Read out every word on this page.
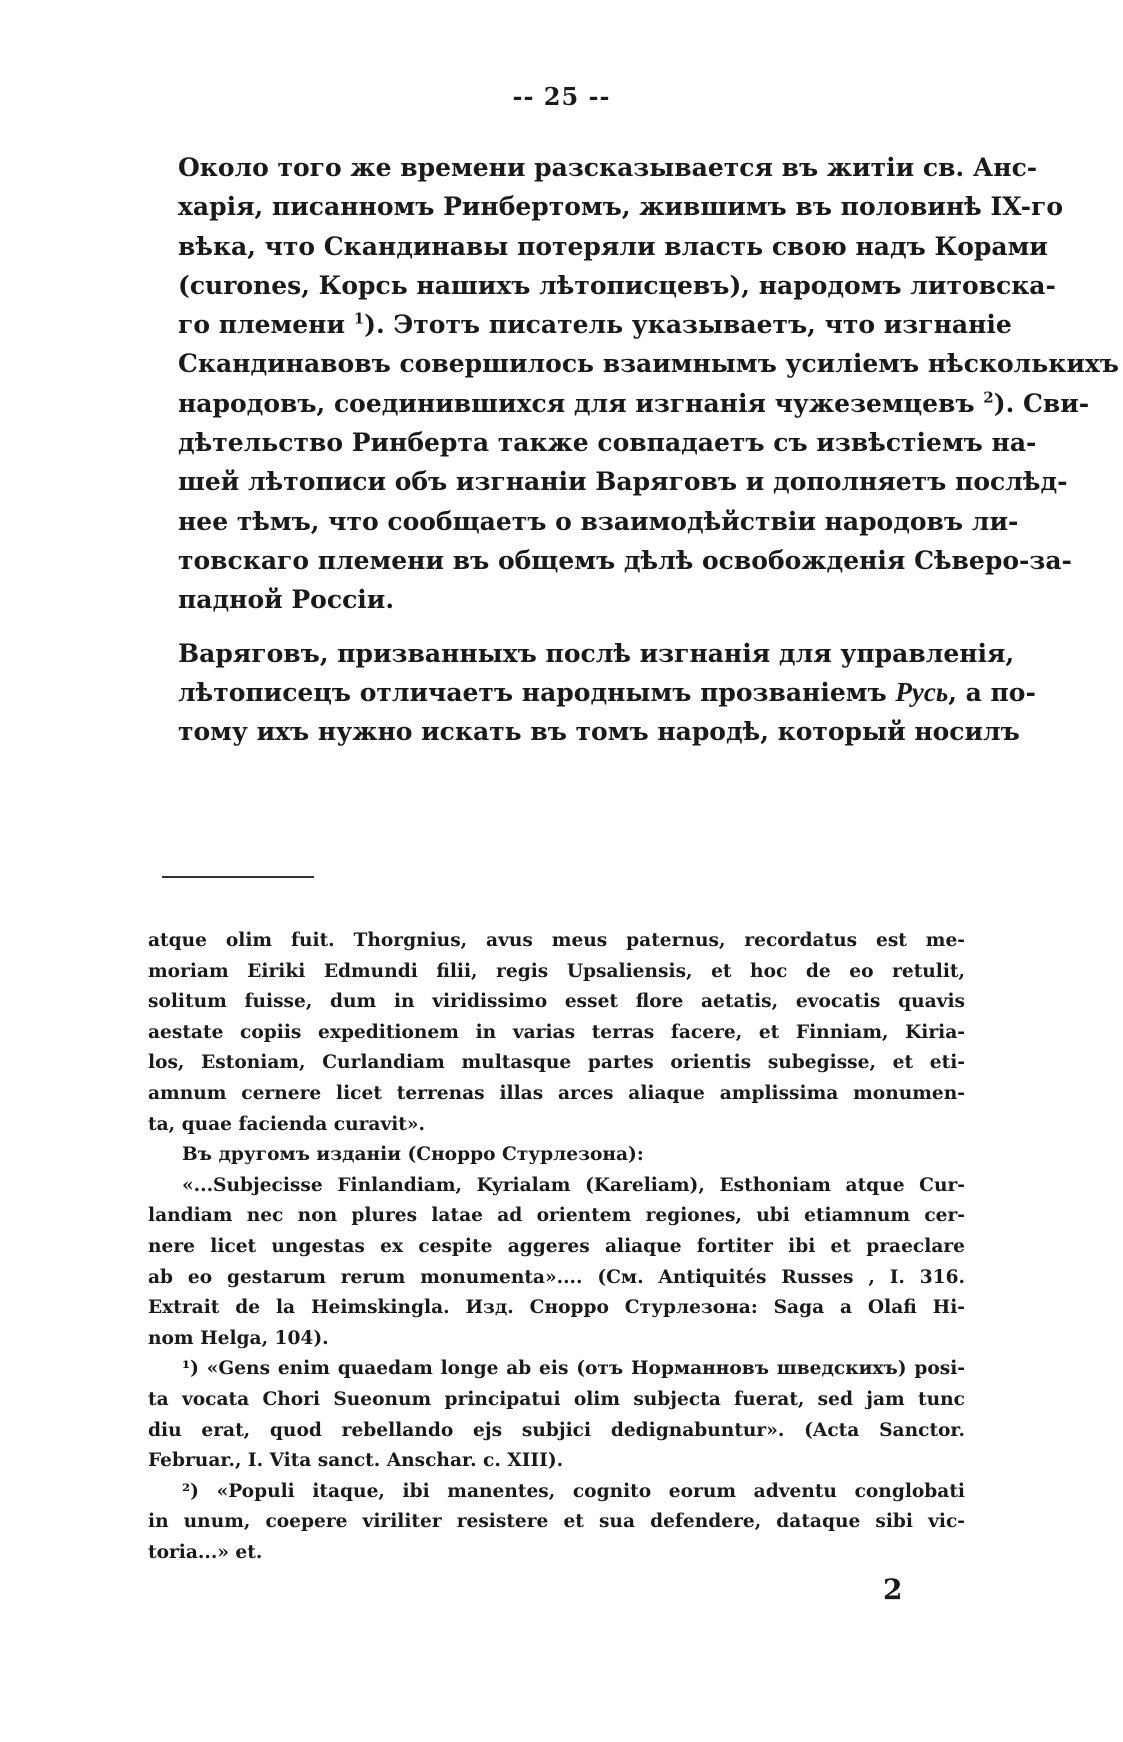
-- 25 --

Около того же времени разсказывается въ житіи св. Анс-
харія, писанномъ Ринбертомъ, жившимъ въ половинѣ IX-го
вѣка, что Скандинавы потеряли власть свою надъ Корами
(curones, Корсь нашихъ лѣтописцевъ), народомъ литовска-
го племени $^1$). Этотъ писатель указываетъ, что изгнаніе
Скандинавовъ совершилось взаимнымъ усиліемъ нѣсколькихъ
народовъ, соединившихся для изгнанія чужеземцевъ $^2$). Сви-
дѣтельство Ринберта также совпадаетъ съ извѣстіемъ на-
шей лѣтописи объ изгнаніи Варяговъ и дополняетъ послѣд-
нее тѣмъ, что сообщаетъ о взаимодѣйствіи народовъ ли-
товскаго племени въ общемъ дѣлѣ освобожденія Сѣверо-за-
падной Россіи.

Варяговъ, призванныхъ послѣ изгнанія для управленія,
лѣтописецъ отличаетъ народнымъ прозваніемъ Русь, а по-
тому ихъ нужно искать въ томъ народѣ, который носилъ

atque olim fuit. Thorgnius, avus meus paternus, recordatus est me-
moriam Eiriki Edmundi filii, regis Upsaliensis, et hoc de eo retulit,
solitum fuisse, dum in viridissimo esset flore aetatis, evocatis quavis
aestate copiis expeditionem in varias terras facere, et Finniam, Kiria-
los, Estoniam, Curlandiam multasque partes orientis subegisse, et eti-
amnum cernere licet terrenas illas arces aliaque amplissima monumen-
ta, quae facienda curavit».
Въ другомъ изданіи (Снорро Стурлезона):
«...Subjecisse Finlandiam, Kyrialam (Kareliam), Esthoniam atque Cur-
landiam nec non plures latae ad orientem regiones, ubi etiamnum cer-
nere licet ungestas ex cespite aggeres aliaque fortiter ibi et praeclare
ab eo gestarum rerum monumenta».... (См. Antiquités Russes , I. 316.
Extrait de la Heimskingla. Изд. Снорро Стурлезона: Saga a Olafi Hi-
nom Helga, 104).
¹) «Gens enim quaedam longe ab eis (отъ Норманновъ шведскихъ) posi-
ta vocata Chori Sueonum principatui olim subjecta fuerat, sed jam tunc
diu erat, quod rebellando ejs subjici dedignabuntur». (Acta Sanctor.
Februar., I. Vita sanct. Anschar. c. XIII).
²) «Populi itaque, ibi manentes, cognito eorum adventu conglobati
in unum, coepere viriliter resistere et sua defendere, dataque sibi vic-
toria...» et.
2
